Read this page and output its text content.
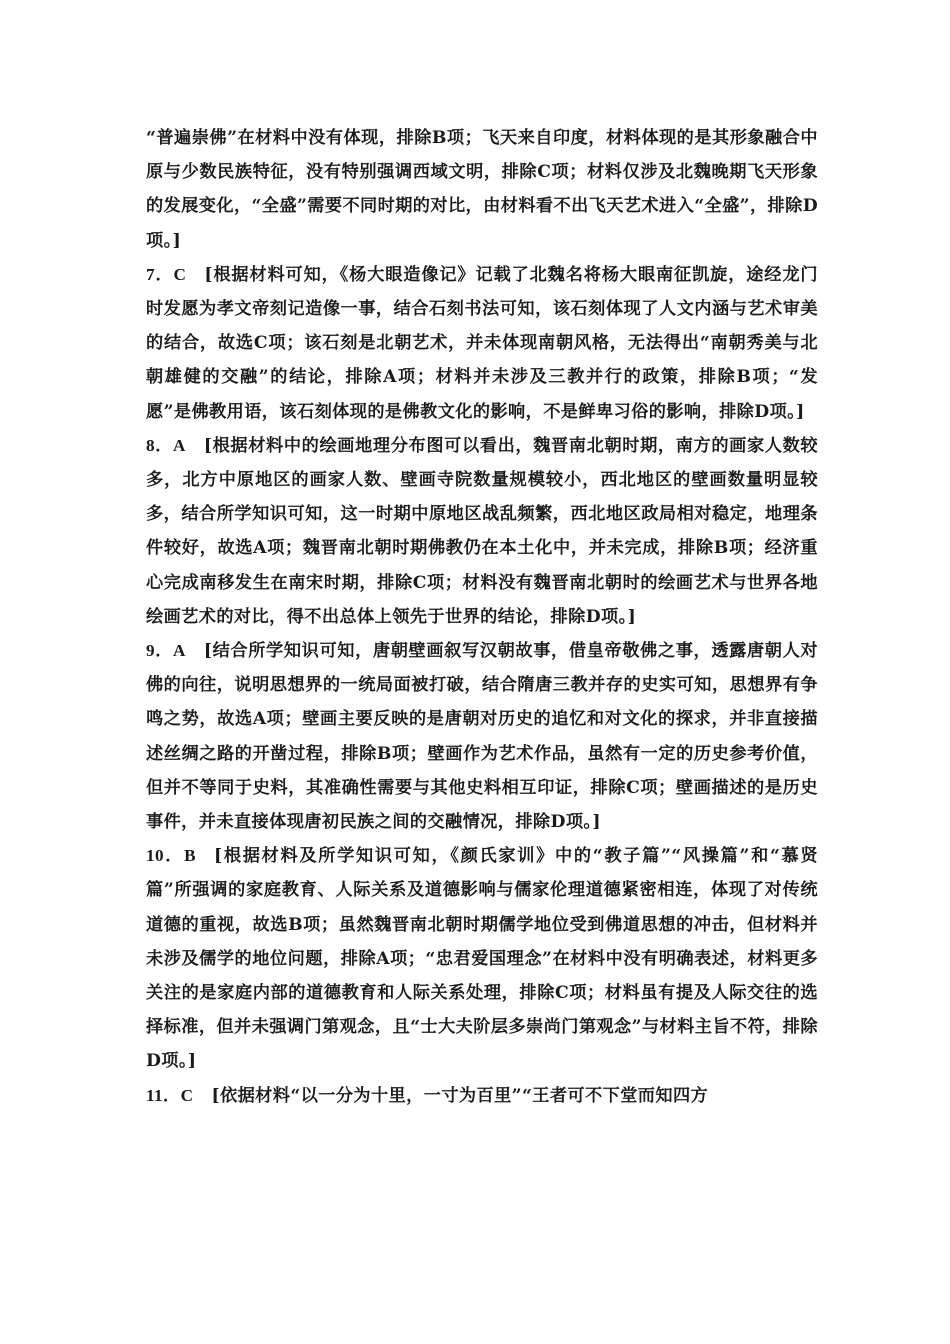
“普遍崇佛”在材料中没有体现，排除B项；飞天来自印度，材料体现的是其形象融合中原与少数民族特征，没有特别强调西域文明，排除C项；材料仅涉及北魏晚期飞天形象的发展变化，“全盛”需要不同时期的对比，由材料看不出飞天艺术进入“全盛”，排除D项。]

7．C [根据材料可知，《杨大眼造像记》记载了北魏名将杨大眼南征凯旋，途经龙门时发愿为孝文帝刻记造像一事，结合石刻书法可知，该石刻体现了人文内涵与艺术审美的结合，故选C项；该石刻是北朝艺术，并未体现南朝风格，无法得出“南朝秀美与北朝雄健的交融”的结论，排除A项；材料并未涉及三教并行的政策，排除B项；“发愿”是佛教用语，该石刻体现的是佛教文化的影响，不是鲜卑习俗的影响，排除D项。]

8．A [根据材料中的绘画地理分布图可以看出，魏晋南北朝时期，南方的画家人数较多，北方中原地区的画家人数、壁画寺院数量规模较小，西北地区的壁画数量明显较多，结合所学知识可知，这一时期中原地区战乱频繁，西北地区政局相对稳定，地理条件较好，故选A项；魏晋南北朝时期佛教仍在本土化中，并未完成，排除B项；经济重心完成南移发生在南宋时期，排除C项；材料没有魏晋南北朝时的绘画艺术与世界各地绘画艺术的对比，得不出总体上领先于世界的结论，排除D项。]

9．A [结合所学知识可知，唐朝壁画叙写汉朝故事，借皇帝敬佛之事，透露唐朝人对佛的向往，说明思想界的一统局面被打破，结合隋唐三教并存的史实可知，思想界有争鸣之势，故选A项；壁画主要反映的是唐朝对历史的追忆和对文化的探求，并非直接描述丝绸之路的开凿过程，排除B项；壁画作为艺术作品，虽然有一定的历史参考价值，但并不等同于史料，其准确性需要与其他史料相互印证，排除C项；壁画描述的是历史事件，并未直接体现唐初民族之间的交融情况，排除D项。]

10．B [根据材料及所学知识可知，《颜氏家训》中的“教子篇”“风操篇”和“慕贤篇”所强调的家庭教育、人际关系及道德影响与儒家伦理道德紧密相连，体现了对传统道德的重视，故选B项；虽然魏晋南北朝时期儒学地位受到佛道思想的冲击，但材料并未涉及儒学的地位问题，排除A项；“忠君爱国理念”在材料中没有明确表述，材料更多关注的是家庭内部的道德教育和人际关系处理，排除C项；材料虽有提及人际交往的选择标准，但并未强调门第观念，且“士大夫阶层多崇尚门第观念”与材料主旨不符，排除D项。]

11．C [依据材料“以一分为十里，一寸为百里”“王者可不下堂而知四方
